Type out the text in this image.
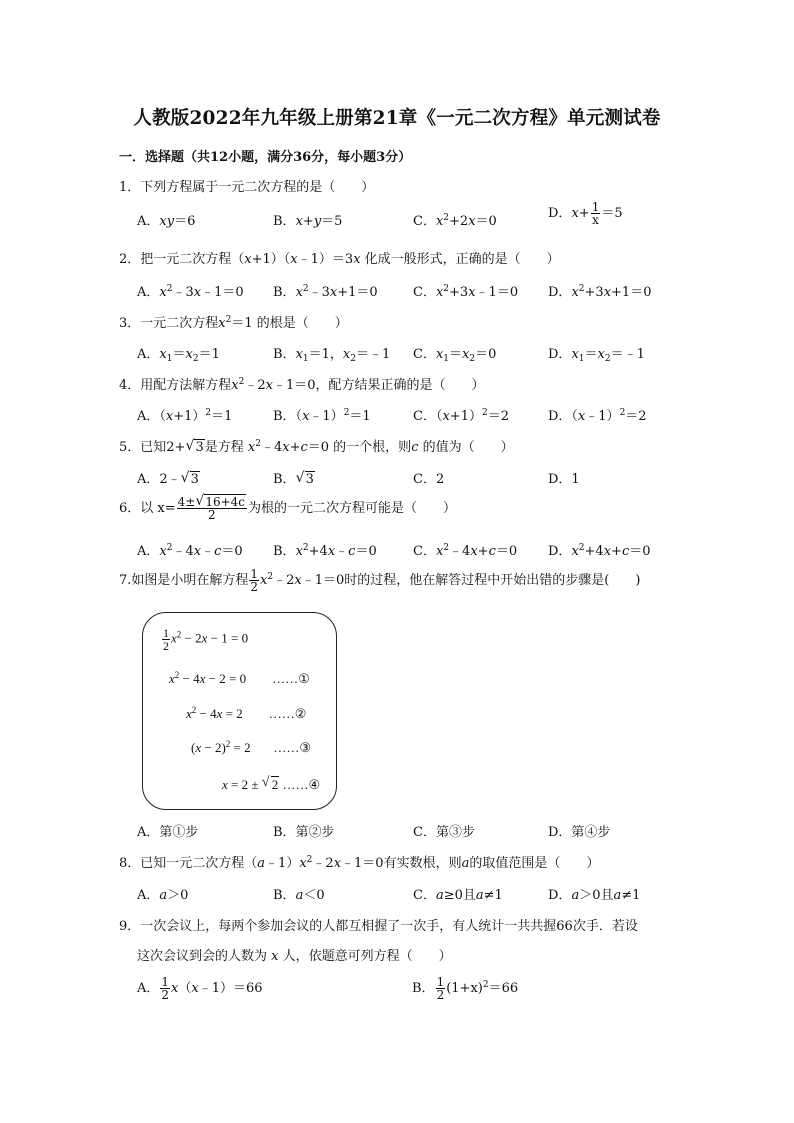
人教版2022年九年级上册第21章《一元二次方程》单元测试卷
一．选择题（共12小题，满分36分，每小题3分）
1．下列方程属于一元二次方程的是（　　）
A．xy＝6	B．x+y＝5	C．$x^2+2x=0$
D．$x+ \frac{1}{x} =5$
2．把一元二次方程（x+1）（x﹣1）＝3x 化成一般形式，正确的是（　　）
A．$x^2﹣3x﹣1=0$ B．$x^2﹣3x+1=0$	C．$x^2+3x﹣1=0$ D．$x^2+3x+1=0$
3．一元二次方程$x^2=1$ 的根是（　　）
A．$x_1=x_2=1$	B．$x_1=1$，$x_2=﹣1$ C．$x_1=x_2=0$	D．$x_1=x_2=﹣1$
4．用配方法解方程$x^2﹣2x﹣1=0$，配方结果正确的是（　　）
A．$(x+1)^2=1$	B．（x﹣1）$^2$＝1	C．$(x+1)^2=2$	D．（x﹣1）$^2$＝2
5．已知2+ √ 3是方程 $x^2﹣4x+c=0$ 的一个根，则c 的值为（　　）
A．2﹣ √ 3	B． √ 3	C．2	D．1
6．以 $x= \frac{4\pm √ 16+4c}{2}$ 为根的一元二次方程可能是（　　）
A．$x^2﹣4x﹣c=0$ B．$x^2+4x﹣c=0$	C．$x^2﹣4x+c=0$ D．$x^2+4x+c=0$
7.如图是小明在解方程 $\frac{1}{2}$ $x^2﹣2x﹣1=0$时的过程，他在解答过程中开始出错的步骤是(　　)
$\frac{1}{2} x^2 - 2x - 1 = 0$
$x^2 - 4x - 2 = 0$        ……①
$x^2 - 4x = 2$        ……②
$(x - 2)^2 = 2$       ……③
x = 2 ± √ 2 ……④
A．第①步	B．第②步	C．第③步	D．第④步
8．已知一元二次方程$(a﹣1)x^2﹣2x﹣1=0$有实数根，则a的取值范围是（　　）
A．a＞0	B．a＜0	C．a≥0且a≠1	D．a＞0且a≠1
9．一次会议上，每两个参加会议的人都互相握了一次手，有人统计一共共握66次手．若设
这次会议到会的人数为 x 人，依题意可列方程（　　）
A． $\frac{1}{2}$ x（x﹣1）＝66	B． $\frac{1}{2} (1+x)^2=66$
